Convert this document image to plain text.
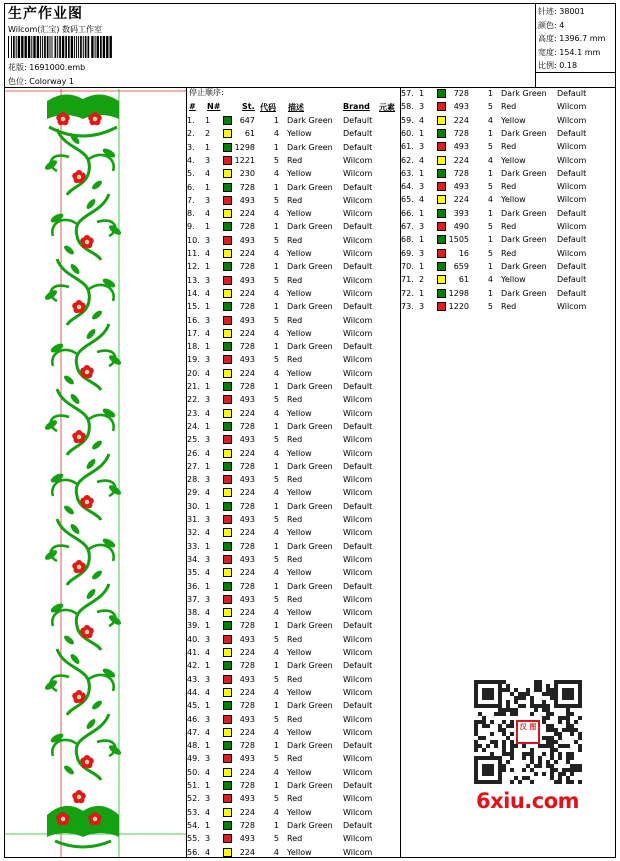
生产作业图
Wilcom(汇宝) 数码工作室
花版: 1691000.emb
色位: Colorway 1
针迹: 38001
颜色: 4
高度: 1396.7 mm
宽度: 154.1 mm
比例: 0.18
停止顺序:
# N#	St. 代码 描述	Brand 元素
1.	1	647	1 Dark Green	Default
2.	2	61	4 Yellow	Default
3.	1	1298	1 Dark Green	Default
4.	3	1221	5 Red	Wilcom
5.	4	230	4 Yellow	Wilcom
6.	1	728	1 Dark Green	Default
7.	3	493	5 Red	Wilcom
8.	4	224	4 Yellow	Wilcom
9.	1	728	1 Dark Green	Default
10. 3	493	5 Red	Wilcom
11. 4	224	4 Yellow	Wilcom
12. 1	728	1 Dark Green	Default
13. 3	493	5 Red	Wilcom
14. 4	224	4 Yellow	Wilcom
15. 1	728	1 Dark Green	Default
16. 3	493	5 Red	Wilcom
17. 4	224	4 Yellow	Wilcom
18. 1	728	1 Dark Green	Default
19. 3	493	5 Red	Wilcom
20. 4	224	4 Yellow	Wilcom
21. 1	728	1 Dark Green	Default
22. 3	493	5 Red	Wilcom
23. 4	224	4 Yellow	Wilcom
24. 1	728	1 Dark Green	Default
25. 3	493	5 Red	Wilcom
26. 4	224	4 Yellow	Wilcom
27. 1	728	1 Dark Green	Default
28. 3	493	5 Red	Wilcom
29. 4	224	4 Yellow	Wilcom
30. 1	728	1 Dark Green	Default
31. 3	493	5 Red	Wilcom
32. 4	224	4 Yellow	Wilcom
33. 1	728	1 Dark Green	Default
34. 3	493	5 Red	Wilcom
35. 4	224	4 Yellow	Wilcom
36. 1	728	1 Dark Green	Default
37. 3	493	5 Red	Wilcom
38. 4	224	4 Yellow	Wilcom
39. 1	728	1 Dark Green	Default
40. 3	493	5 Red	Wilcom
41. 4	224	4 Yellow	Wilcom
42. 1	728	1 Dark Green	Default
43. 3	493	5 Red	Wilcom
44. 4	224	4 Yellow	Wilcom
45. 1	728	1 Dark Green	Default
46. 3	493	5 Red	Wilcom
47. 4	224	4 Yellow	Wilcom
48. 1	728	1 Dark Green	Default
49. 3	493	5 Red	Wilcom
50. 4	224	4 Yellow	Wilcom
51. 1	728	1 Dark Green	Default
52. 3	493	5 Red	Wilcom
53. 4	224	4 Yellow	Wilcom
54. 1	728	1 Dark Green	Default
55. 3	493	5 Red	Wilcom
56. 4	224	4 Yellow	Wilcom
57. 1	728	1 Dark Green	Default
58. 3	493	5 Red	Wilcom
59. 4	224	4 Yellow	Wilcom
60. 1	728	1 Dark Green	Default
61. 3	493	5 Red	Wilcom
62. 4	224	4 Yellow	Wilcom
63. 1	728	1 Dark Green	Default
64. 3	493	5 Red	Wilcom
65. 4	224	4 Yellow	Wilcom
66. 1	393	1 Dark Green	Default
67. 3	490	5 Red	Wilcom
68. 1	1505	1 Dark Green	Default
69. 3	16	5 Red	Wilcom
70. 1	659	1 Dark Green	Default
71. 2	61	4 Yellow	Default
72. 1	1298	1 Dark Green	Default
73. 3	1220	5 Red	Wilcom
汉 图
6xiu.com
